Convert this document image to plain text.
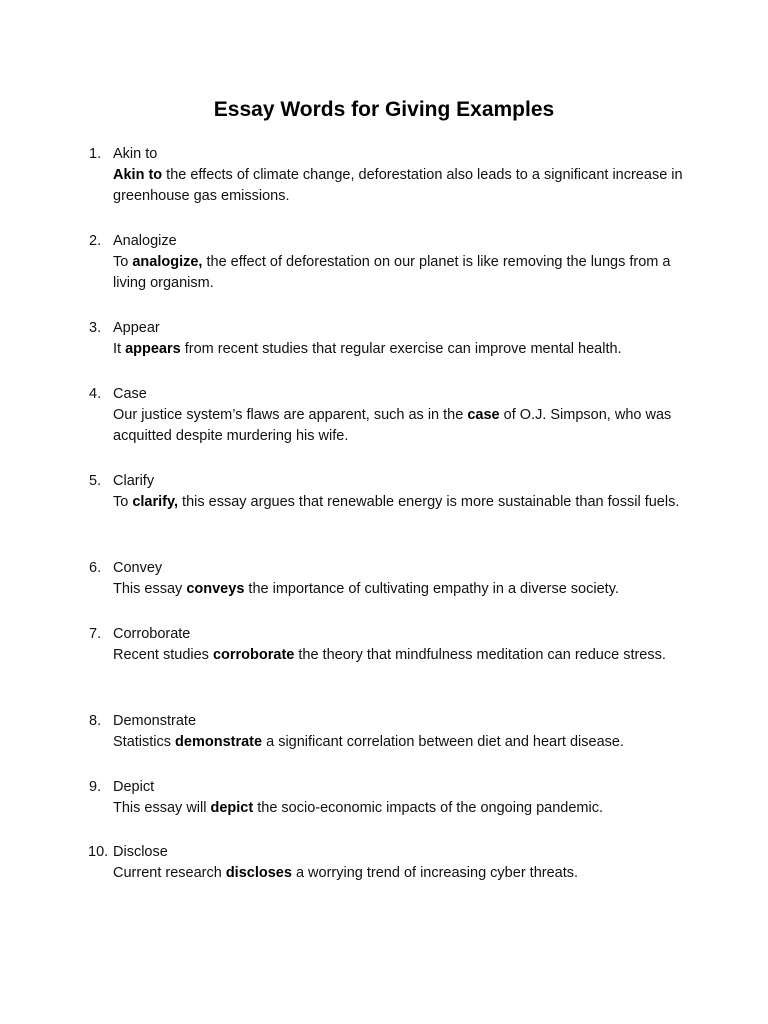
Essay Words for Giving Examples
1. Akin to
Akin to the effects of climate change, deforestation also leads to a significant increase in greenhouse gas emissions.
2. Analogize
To analogize, the effect of deforestation on our planet is like removing the lungs from a living organism.
3. Appear
It appears from recent studies that regular exercise can improve mental health.
4. Case
Our justice system’s flaws are apparent, such as in the case of O.J. Simpson, who was acquitted despite murdering his wife.
5. Clarify
To clarify, this essay argues that renewable energy is more sustainable than fossil fuels.
6. Convey
This essay conveys the importance of cultivating empathy in a diverse society.
7. Corroborate
Recent studies corroborate the theory that mindfulness meditation can reduce stress.
8. Demonstrate
Statistics demonstrate a significant correlation between diet and heart disease.
9. Depict
This essay will depict the socio-economic impacts of the ongoing pandemic.
10. Disclose
Current research discloses a worrying trend of increasing cyber threats.
